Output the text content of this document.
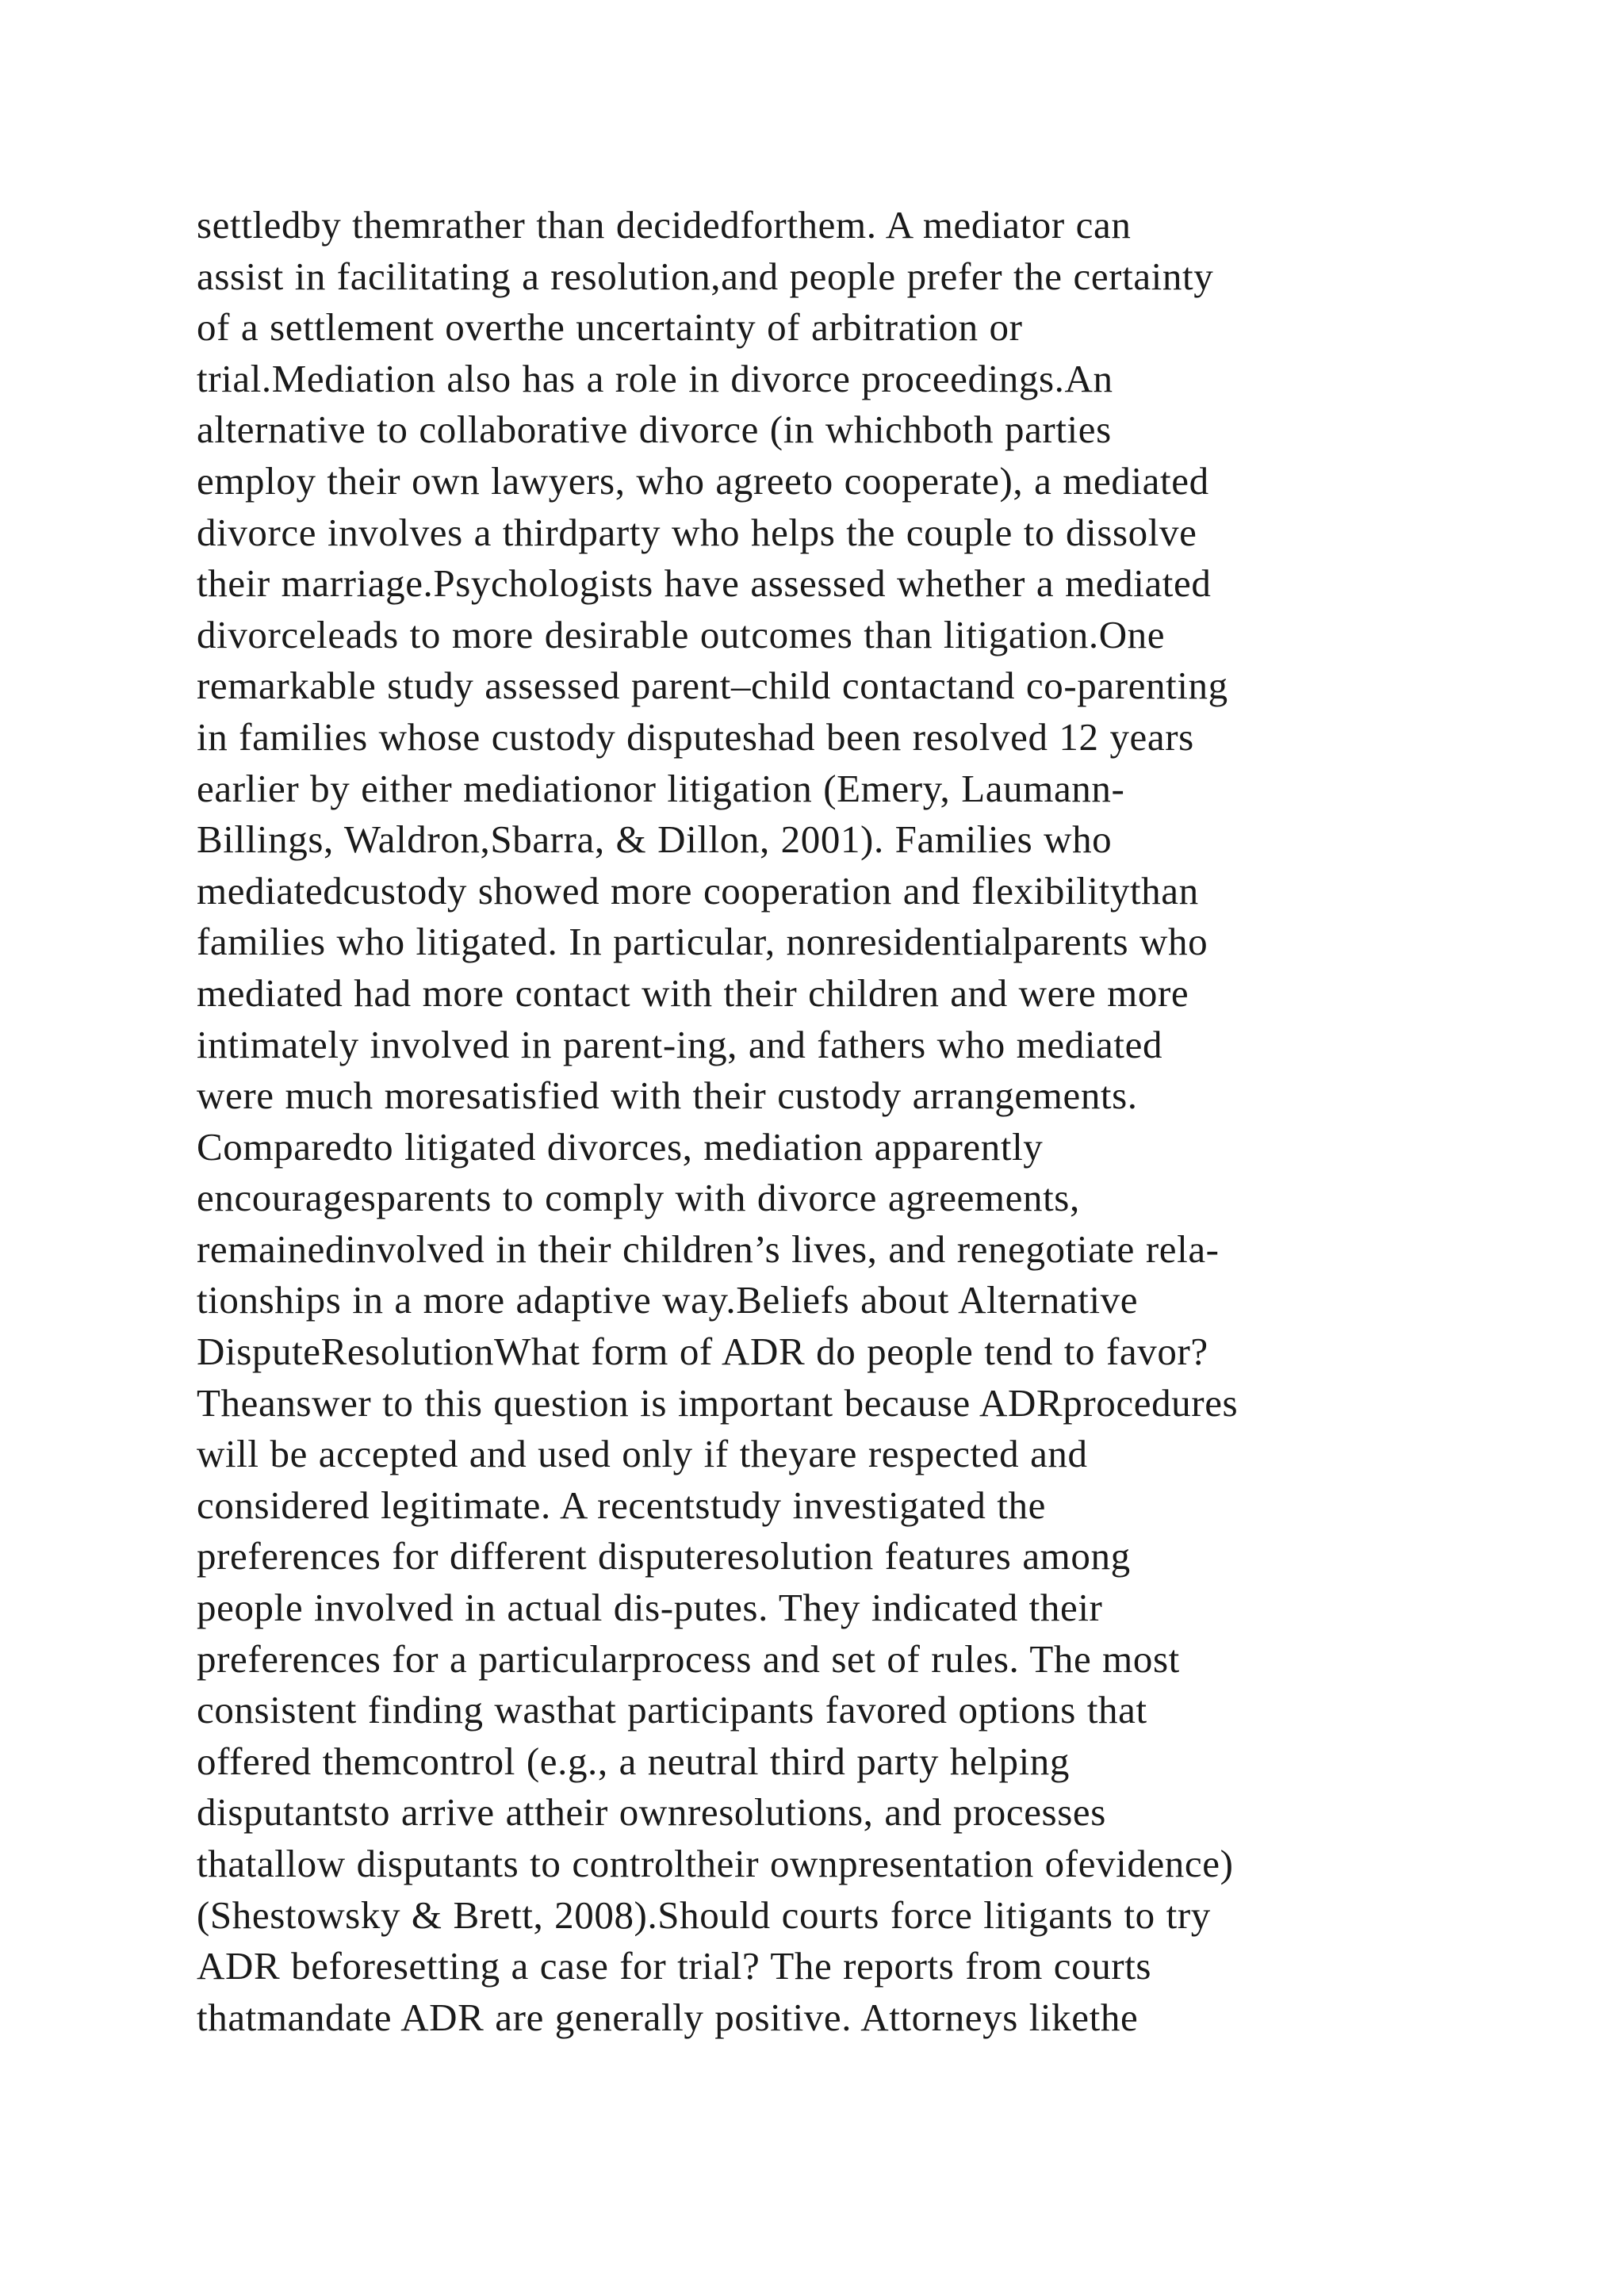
settledby themrather than decidedforthem. A mediator can
assist in facilitating a resolution,and people prefer the certainty
of a settlement overthe uncertainty of arbitration or
trial.Mediation also has a role in divorce proceedings.An
alternative to collaborative divorce (in whichboth parties
employ their own lawyers, who agreeto cooperate), a mediated
divorce involves a thirdparty who helps the couple to dissolve
their marriage.Psychologists have assessed whether a mediated
divorceleads to more desirable outcomes than litigation.One
remarkable study assessed parent–child contactand co-parenting
in families whose custody disputeshad been resolved 12 years
earlier by either mediationor litigation (Emery, Laumann-
Billings, Waldron,Sbarra, & Dillon, 2001). Families who
mediatedcustody showed more cooperation and flexibilitythan
families who litigated. In particular, nonresidentialparents who
mediated had more contact with their children and were more
intimately involved in parent-ing, and fathers who mediated
were much moresatisfied with their custody arrangements.
Comparedto litigated divorces, mediation apparently
encouragesparents to comply with divorce agreements,
remainedinvolved in their children’s lives, and renegotiate rela-
tionships in a more adaptive way.Beliefs about Alternative
DisputeResolutionWhat form of ADR do people tend to favor?
Theanswer to this question is important because ADRprocedures
will be accepted and used only if theyare respected and
considered legitimate. A recentstudy investigated the
preferences for different disputeresolution features among
people involved in actual dis-putes. They indicated their
preferences for a particularprocess and set of rules. The most
consistent finding wasthat participants favored options that
offered themcontrol (e.g., a neutral third party helping
disputantsto arrive attheir ownresolutions, and processes
thatallow disputants to controltheir ownpresentation ofevidence)
(Shestowsky & Brett, 2008).Should courts force litigants to try
ADR beforesetting a case for trial? The reports from courts
thatmandate ADR are generally positive. Attorneys likethe
